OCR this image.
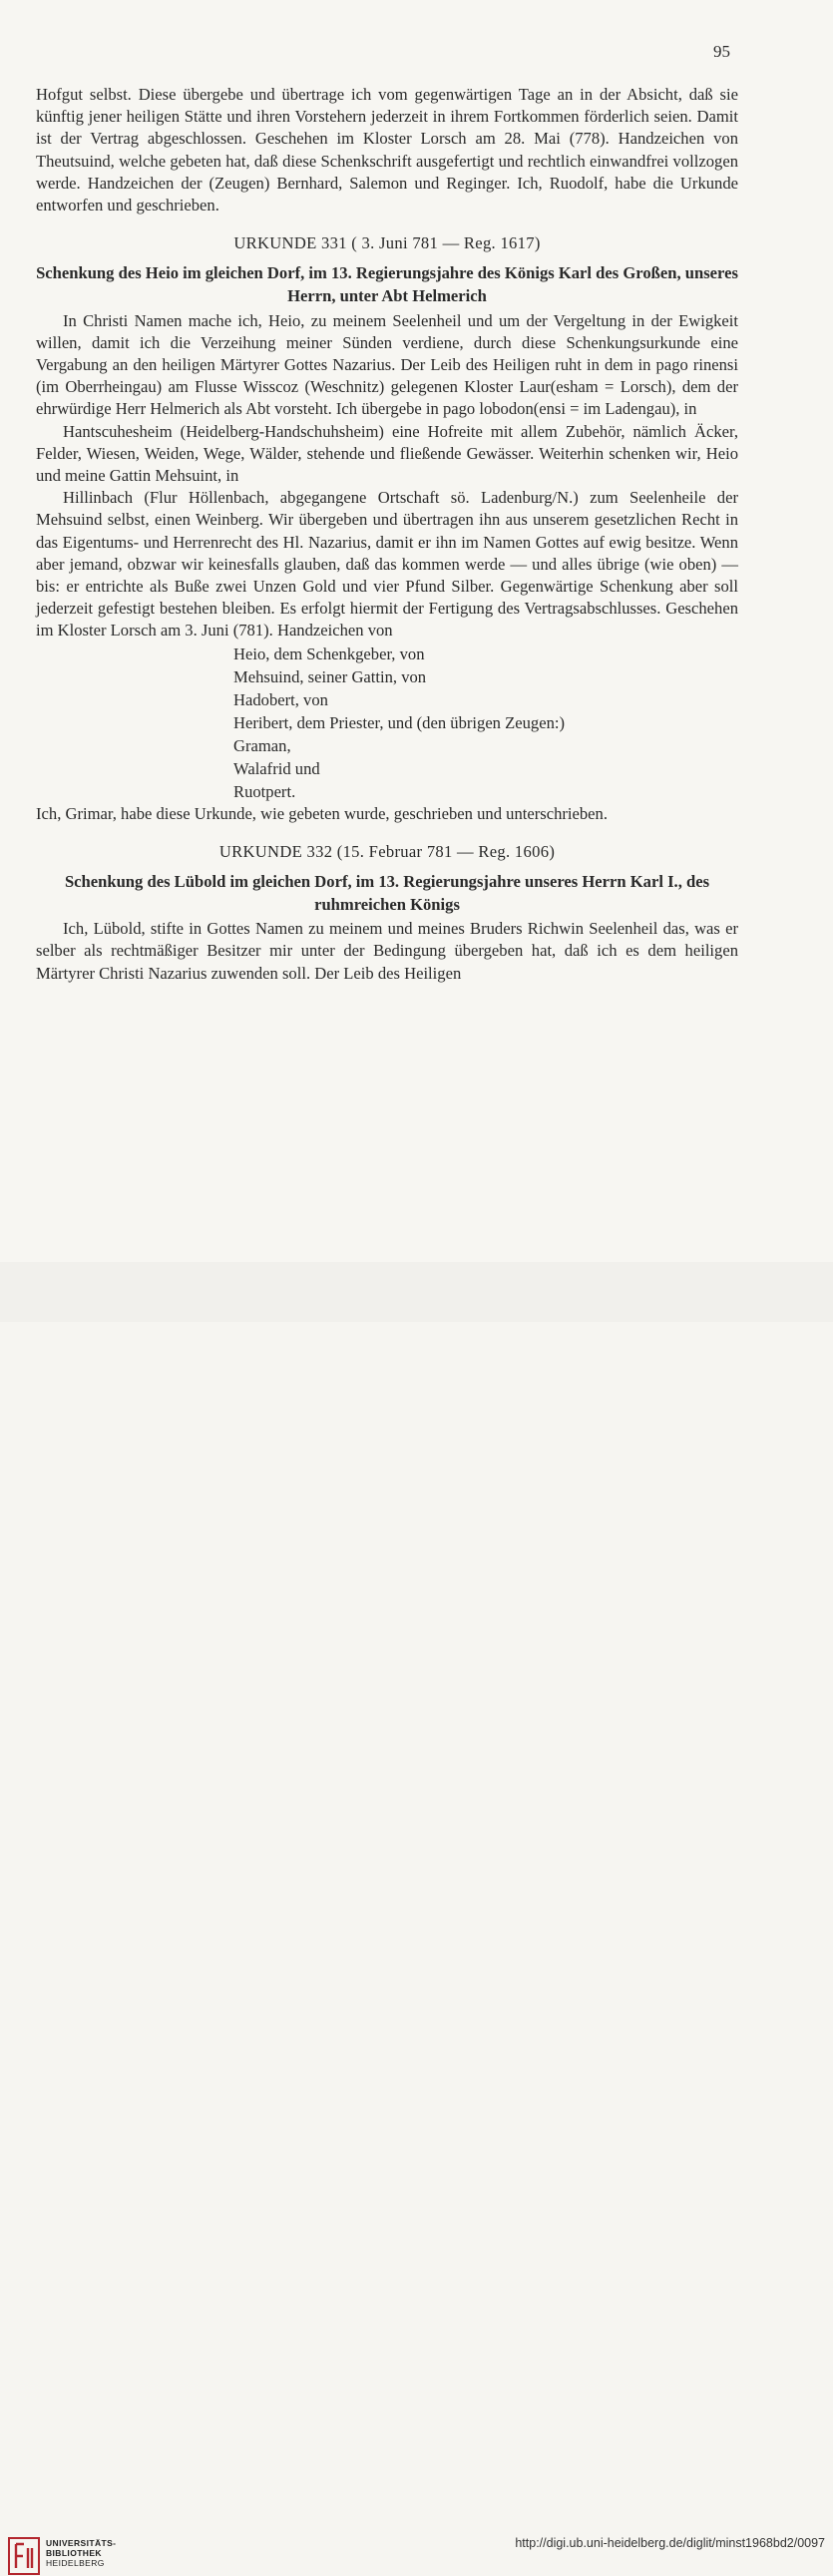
95

Hofgut selbst. Diese übergebe und übertrage ich vom gegenwärtigen Tage an in der Absicht, daß sie künftig jener heiligen Stätte und ihren Vorstehern jederzeit in ihrem Fortkommen förderlich seien. Damit ist der Vertrag abgeschlossen. Geschehen im Kloster Lorsch am 28. Mai (778). Handzeichen von Theutsuind, welche gebeten hat, daß diese Schenkschrift ausgefertigt und rechtlich einwandfrei vollzogen werde. Handzeichen der (Zeugen) Bernhard, Salemon und Reginger. Ich, Ruodolf, habe die Urkunde entworfen und geschrieben.

URKUNDE 331 ( 3. Juni 781 — Reg. 1617)

Schenkung des Heio im gleichen Dorf, im 13. Regierungsjahre des Königs Karl des Großen, unseres Herrn, unter Abt Helmerich

In Christi Namen mache ich, Heio, zu meinem Seelenheil und um der Vergeltung in der Ewigkeit willen, damit ich die Verzeihung meiner Sünden verdiene, durch diese Schenkungsurkunde eine Vergabung an den heiligen Märtyrer Gottes Nazarius. Der Leib des Heiligen ruht in dem in pago rinensi (im Oberrheingau) am Flusse Wisscoz (Weschnitz) gelegenen Kloster Laur(esham = Lorsch), dem der ehrwürdige Herr Helmerich als Abt vorsteht. Ich übergebe in pago lobodon(ensi = im Ladengau), in

Hantscuhesheim (Heidelberg-Handschuhsheim) eine Hofreite mit allem Zubehör, nämlich Äcker, Felder, Wiesen, Weiden, Wege, Wälder, stehende und fließende Gewässer. Weiterhin schenken wir, Heio und meine Gattin Mehsuint, in

Hillinbach (Flur Höllenbach, abgegangene Ortschaft sö. Ladenburg/N.) zum Seelenheile der Mehsuind selbst, einen Weinberg. Wir übergeben und übertragen ihn aus unserem gesetzlichen Recht in das Eigentums- und Herrenrecht des Hl. Nazarius, damit er ihn im Namen Gottes auf ewig besitze. Wenn aber jemand, obzwar wir keinesfalls glauben, daß das kommen werde — und alles übrige (wie oben) — bis: er entrichte als Buße zwei Unzen Gold und vier Pfund Silber. Gegenwärtige Schenkung aber soll jederzeit gefestigt bestehen bleiben. Es erfolgt hiermit der Fertigung des Vertragsabschlusses. Geschehen im Kloster Lorsch am 3. Juni (781). Handzeichen von

Heio, dem Schenkgeber, von
Mehsuind, seiner Gattin, von
Hadobert, von
Heribert, dem Priester, und (den übrigen Zeugen:)
Graman,
Walafrid und
Ruotpert.

Ich, Grimar, habe diese Urkunde, wie gebeten wurde, geschrieben und unterschrieben.

URKUNDE 332 (15. Februar 781 — Reg. 1606)

Schenkung des Lübold im gleichen Dorf, im 13. Regierungsjahre unseres Herrn Karl I., des ruhmreichen Königs

Ich, Lübold, stifte in Gottes Namen zu meinem und meines Bruders Richwin Seelenheil das, was er selber als rechtmäßiger Besitzer mir unter der Bedingung übergeben hat, daß ich es dem heiligen Märtyrer Christi Nazarius zuwenden soll. Der Leib des Heiligen

UNIVERSITÄTS-
BIBLIOTHEK
HEIDELBERG
http://digi.ub.uni-heidelberg.de/diglit/minst1968bd2/0097
